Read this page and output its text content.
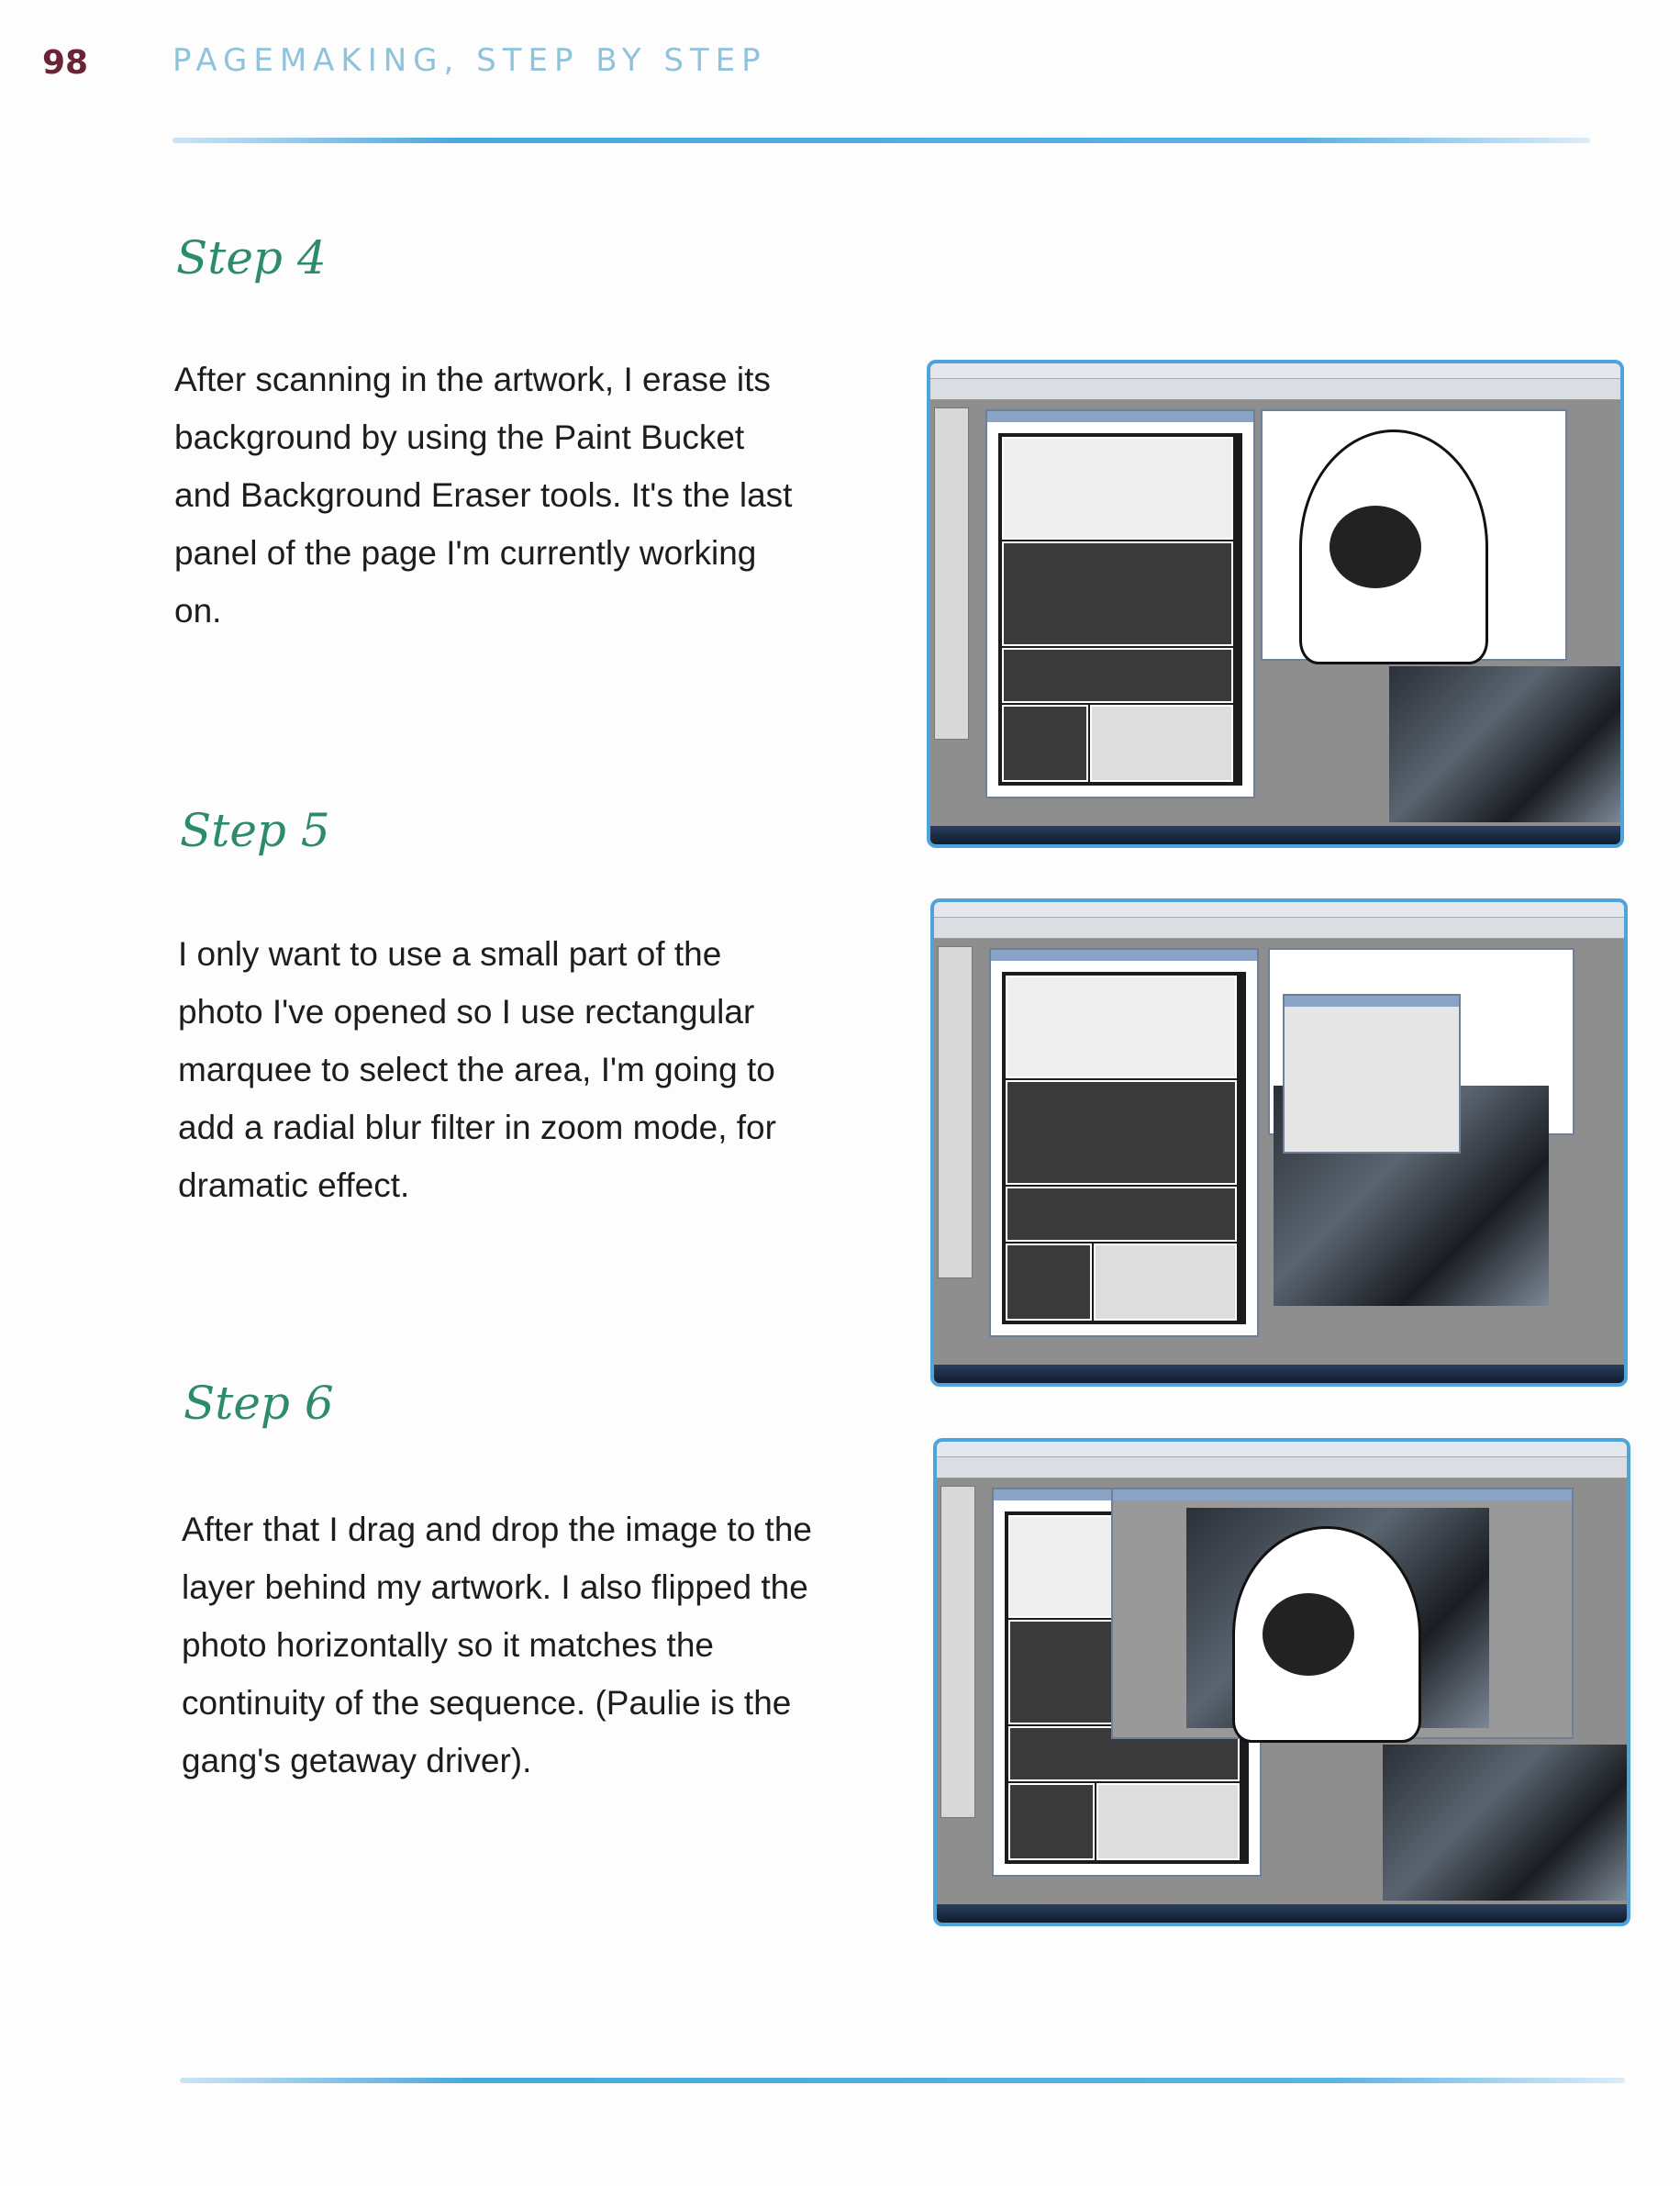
98	PAGEMAKING, STEP BY STEP
Step 4
After scanning in the artwork, I erase its background by using the Paint Bucket and Background Eraser tools. It's the last panel of the page I'm currently working on.
Step 5
I only want to use a small part of the photo I've opened so I use rectangular marquee to select the area, I'm going to add a radial blur filter in zoom mode, for dramatic effect.
Step 6
After that I drag and drop the image to the layer behind my artwork. I also flipped the photo horizontally so it matches the continuity of the sequence. (Paulie is the gang's getaway driver).
